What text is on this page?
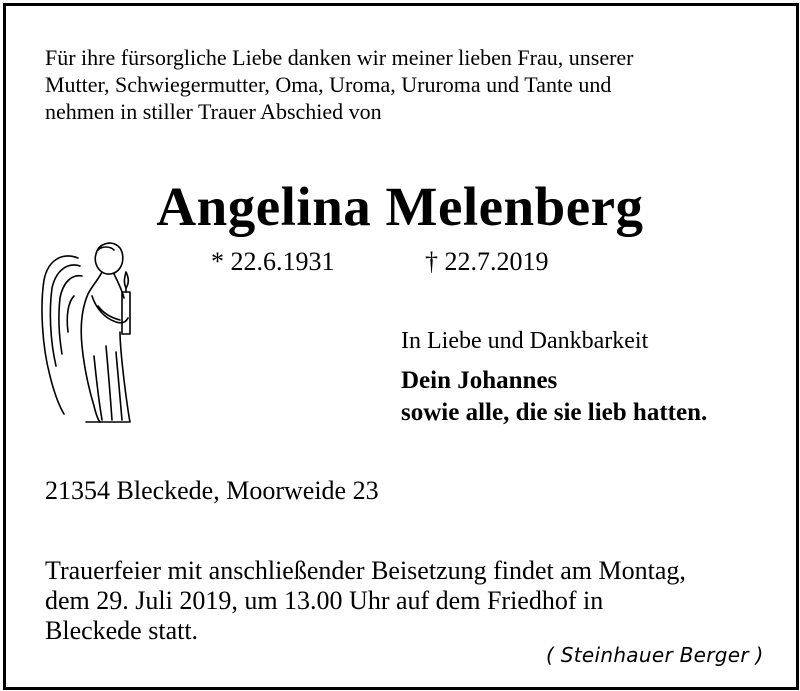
Für ihre fürsorgliche Liebe danken wir meiner lieben Frau, unserer
Mutter, Schwiegermutter, Oma, Uroma, Ururoma und Tante und
nehmen in stiller Trauer Abschied von
Angelina Melenberg
* 22.6.1931	† 22.7.2019
In Liebe und Dankbarkeit
Dein Johannes
sowie alle, die sie lieb hatten.
21354 Bleckede, Moorweide 23
Trauerfeier mit anschließender Beisetzung findet am Montag,
dem 29. Juli 2019, um 13.00 Uhr auf dem Friedhof in
Bleckede statt.
( Steinhauer Berger )
